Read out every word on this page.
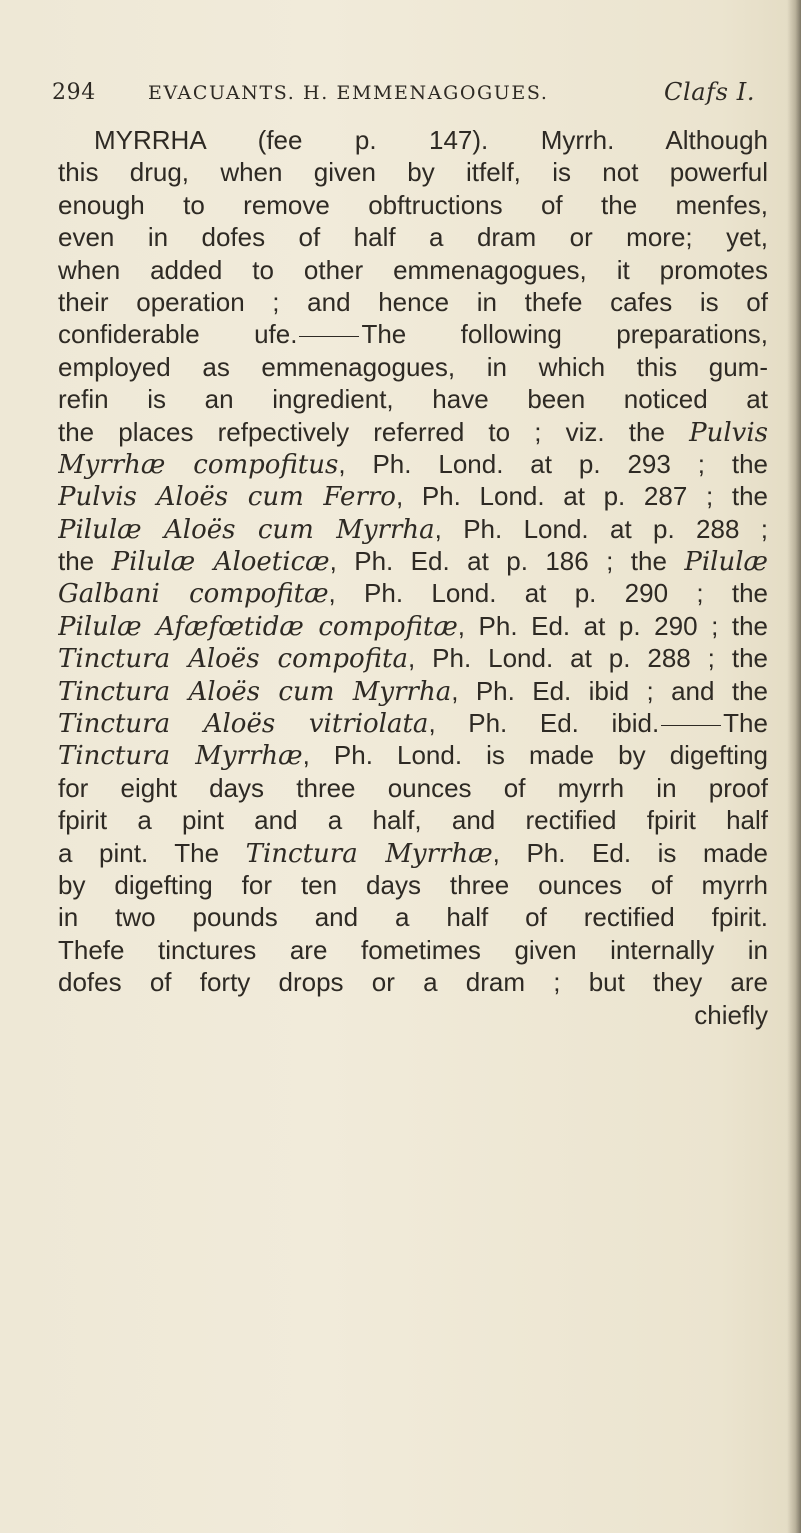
294	EVACUANTS. H. EMMENAGOGUES.	Clafs I.
MYRRHA (fee p. 147). Myrrh. Although
this drug, when given by itfelf, is not powerful
enough to remove obftructions of the menfes,
even in dofes of half a dram or more; yet,
when added to other emmenagogues, it promotes
their operation ; and hence in thefe cafes is of
confiderable ufe. The following preparations,
employed as emmenagogues, in which this gum-
refin is an ingredient, have been noticed at
the places refpectively referred to ; viz. the Pulvis
Myrrhæ compofitus, Ph. Lond. at p. 293 ; the
Pulvis Aloës cum Ferro, Ph. Lond. at p. 287 ; the
Pilulæ Aloës cum Myrrha, Ph. Lond. at p. 288 ;
the Pilulæ Aloeticæ, Ph. Ed. at p. 186 ; the Pilulæ
Galbani compofitæ, Ph. Lond. at p. 290 ; the
Pilulæ Afæfœtidæ compofitæ, Ph. Ed. at p. 290 ; the
Tinctura Aloës compofita, Ph. Lond. at p. 288 ; the
Tinctura Aloës cum Myrrha, Ph. Ed. ibid ; and the
Tinctura Aloës vitriolata, Ph. Ed. ibid. The
Tinctura Myrrhæ, Ph. Lond. is made by digefting
for eight days three ounces of myrrh in proof
fpirit a pint and a half, and rectified fpirit half
a pint. The Tinctura Myrrhæ, Ph. Ed. is made
by digefting for ten days three ounces of myrrh
in two pounds and a half of rectified fpirit.
Thefe tinctures are fometimes given internally in
dofes of forty drops or a dram ; but they are
chiefly
